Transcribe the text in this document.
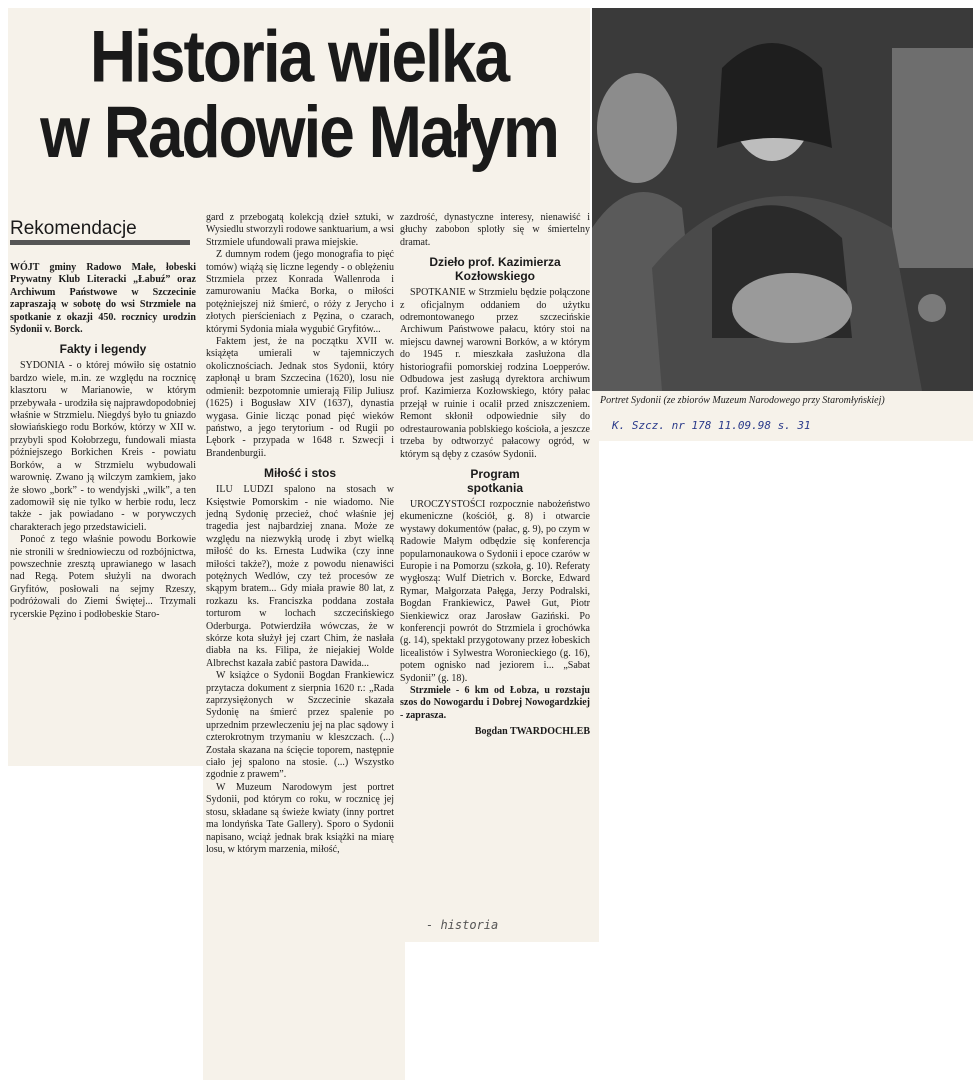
Historia wielka
w Radowie Małym
Rekomendacje
WÓJT gminy Radowo Małe, łobeski Prywatny Klub Literacki „Łabuź” oraz Archiwum Państwowe w Szczecinie zapraszają w sobotę do wsi Strzmiele na spotkanie z okazji 450. rocznicy urodzin Sydonii v. Borck.
Fakty i legendy

SYDONIA - o której mówiło się ostatnio bardzo wiele, m.in. ze względu na rocznicę klasztoru w Marianowie, w którym przebywała - urodziła się najprawdopodobniej właśnie w Strzmielu. Niegdyś było tu gniazdo słowiańskiego rodu Borków, którzy w XII w. przybyli spod Kołobrzegu, fundowali miasta późniejszego Borkichen Kreis - powiatu Borków, a w Strzmielu wybudowali warownię. Zwano ją wilczym zamkiem, jako że słowo „bork” - to wendyjski „wilk”, a ten zadomowił się nie tylko w herbie rodu, lecz także - jak powiadano - w porywczych charakterach jego przedstawicieli.

Ponoć z tego właśnie powodu Borkowie nie stronili w średniowieczu od rozbójnictwa, powszechnie zresztą uprawianego w lasach nad Regą. Potem służyli na dworach Gryfitów, posłowali na sejmy Rzeszy, podróżowali do Ziemi Świętej... Trzymali rycerskie Pęzino i podłobeskie Staro-

gard z przebogatą kolekcją dzieł sztuki, w Wysiedlu stworzyli rodowe sanktuarium, a wsi Strzmiele ufundowali prawa miejskie.

Z dumnym rodem (jego monografia to pięć tomów) wiążą się liczne legendy - o oblężeniu Strzmiela przez Konrada Wallenroda i zamurowaniu Maćka Borka, o miłości potężniejszej niż śmierć, o róży z Jerycho i złotych pierścieniach z Pęzina, o czarach, którymi Sydonia miała wygubić Gryfitów...

Faktem jest, że na początku XVII w. książęta umierali w tajemniczych okolicznościach. Jednak stos Sydonii, który zapłonął u bram Szczecina (1620), losu nie odmienił: bezpotomnie umierają Filip Juliusz (1625) i Bogusław XIV (1637), dynastia wygasa. Ginie licząc ponad pięć wieków państwo, a jego terytorium - od Rugii po Lębork - przypada w 1648 r. Szwecji i Brandenburgii.

Miłość i stos

ILU LUDZI spalono na stosach w Księstwie Pomorskim - nie wiadomo. Nie jedną Sydonię przecież, choć właśnie jej tragedia jest najbardziej znana. Może ze względu na niezwykłą urodę i zbyt wielką miłość do ks. Ernesta Ludwika (czy inne miłości także?), może z powodu nienawiści potężnych Wedlów, czy też procesów ze skąpym bratem... Gdy miała prawie 80 lat, z rozkazu ks. Franciszka poddana została torturom w lochach szczecińskiego Oderburga. Potwierdziła wówczas, że w skórze kota służył jej czart Chim, że nasłała diabła na ks. Filipa, że niejakiej Wolde Albrechst kazała zabić pastora Dawida...

W książce o Sydonii Bogdan Frankiewicz przytacza dokument z sierpnia 1620 r.: „Rada zaprzysiężonych w Szczecinie skazała Sydonię na śmierć przez spalenie po uprzednim przewleczeniu jej na plac sądowy i czterokrotnym trzymaniu w kleszczach. (...) Została skazana na ścięcie toporem, następnie ciało jej spalono na stosie. (...) Wszystko zgodnie z prawem”.

W Muzeum Narodowym jest portret Sydonii, pod którym co roku, w rocznicę jej stosu, składane są świeże kwiaty (inny portret ma londyńska Tate Gallery). Sporo o Sydonii napisano, wciąż jednak brak książki na miarę losu, w którym marzenia, miłość,

zazdrość, dynastyczne interesy, nienawiść i głuchy zabobon splotły się w śmiertelny dramat.

Dzieło prof. Kazimierza Kozłowskiego

SPOTKANIE w Strzmielu będzie połączone z oficjalnym oddaniem do użytku odremontowanego przez szczecińskie Archiwum Państwowe pałacu, który stoi na miejscu dawnej warowni Borków, a w którym do 1945 r. mieszkała zasłużona dla historiografii pomorskiej rodzina Loepperów. Odbudowa jest zasługą dyrektora archiwum prof. Kazimierza Kozłowskiego, który pałac przejął w ruinie i ocalił przed zniszczeniem. Remont skłonił odpowiednie siły do odrestaurowania poblskiego kościoła, a jeszcze trzeba by odtworzyć pałacowy ogród, w którym są dęby z czasów Sydonii.

Program
spotkania

UROCZYSTOŚCI rozpocznie nabożeństwo ekumeniczne (kościół, g. 8) i otwarcie wystawy dokumentów (pałac, g. 9), po czym w Radowie Małym odbędzie się konferencja popularnonaukowa o Sydonii i epoce czarów w Europie i na Pomorzu (szkoła, g. 10). Referaty wygłoszą: Wulf Dietrich v. Borcke, Edward Rymar, Małgorzata Pałęga, Jerzy Podralski, Bogdan Frankiewicz, Paweł Gut, Piotr Sienkiewicz oraz Jarosław Gaziński. Po konferencji powrót do Strzmiela i grochówka (g. 14), spektakl przygotowany przez łobeskich licealistów i Sylwestra Woronieckiego (g. 16), potem ognisko nad jeziorem i... „Sabat Sydonii” (g. 18).

Strzmiele - 6 km od Łobza, u rozstaju szos do Nowogardu i Dobrej Nowogardzkiej - zaprasza.

Bogdan TWARDOCHLEB
- historia
Portret Sydonii (ze zbiorów Muzeum Narodowego przy Staromłyńskiej)
K. Szcz. nr 178 11.09.98 s. 31
